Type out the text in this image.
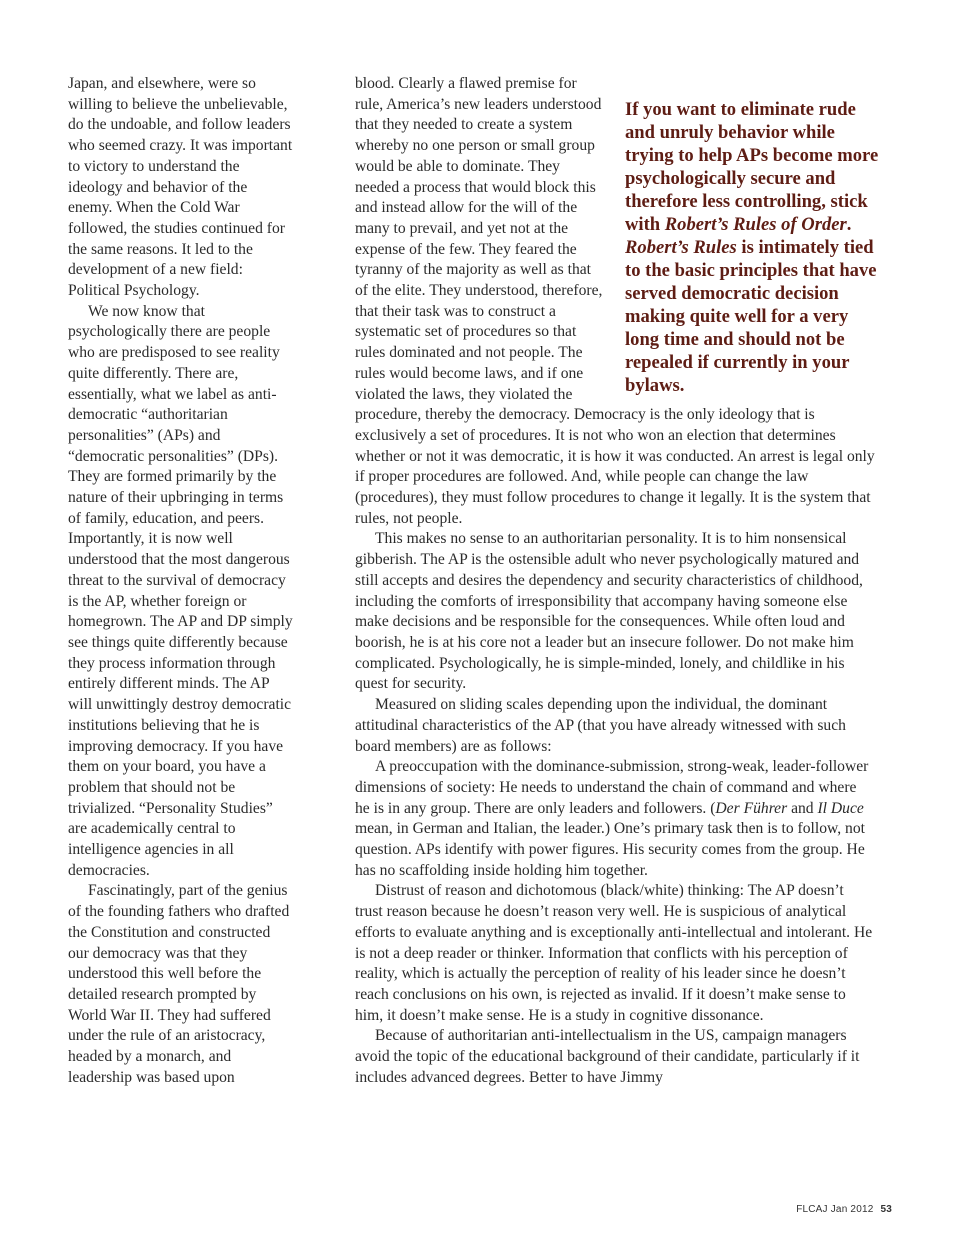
Japan, and elsewhere, were so willing to believe the unbelievable, do the undoable, and follow leaders who seemed crazy. It was important to victory to understand the ideology and behavior of the enemy. When the Cold War followed, the studies continued for the same reasons. It led to the development of a new field: Political Psychology.

We now know that psychologically there are people who are predisposed to see reality quite differently. There are, essentially, what we label as anti-democratic “authoritarian personalities” (APs) and “democratic personalities” (DPs). They are formed primarily by the nature of their upbringing in terms of family, education, and peers. Importantly, it is now well understood that the most dangerous threat to the survival of democracy is the AP, whether foreign or homegrown. The AP and DP simply see things quite differently because they process information through entirely different minds. The AP will unwittingly destroy democratic institutions believing that he is improving democracy. If you have them on your board, you have a problem that should not be trivialized. “Personality Studies” are academically central to intelligence agencies in all democracies.

Fascinatingly, part of the genius of the founding fathers who drafted the Constitution and constructed our democracy was that they understood this well before the detailed research prompted by World War II. They had suffered under the rule of an aristocracy, headed by a monarch, and leadership was based upon

If you want to eliminate rude and unruly behavior while trying to help APs become more psychologically secure and therefore less controlling, stick with Robert’s Rules of Order. Robert’s Rules is intimately tied to the basic principles that have served democratic decision making quite well for a very long time and should not be repealed if currently in your bylaws.

blood. Clearly a flawed premise for rule, America’s new leaders understood that they needed to create a system whereby no one person or small group would be able to dominate. They needed a process that would block this and instead allow for the will of the many to prevail, and yet not at the expense of the few. They feared the tyranny of the majority as well as that of the elite. They understood, therefore, that their task was to construct a systematic set of procedures so that rules dominated and not people. The rules would become laws, and if one violated the laws, they violated the procedure, thereby the democracy. Democracy is the only ideology that is exclusively a set of procedures. It is not who won an election that determines whether or not it was democratic, it is how it was conducted. An arrest is legal only if proper procedures are followed. And, while people can change the law (procedures), they must follow procedures to change it legally. It is the system that rules, not people.

This makes no sense to an authoritarian personality. It is to him nonsensical gibberish. The AP is the ostensible adult who never psychologically matured and still accepts and desires the dependency and security characteristics of childhood, including the comforts of irresponsibility that accompany having someone else make decisions and be responsible for the consequences. While often loud and boorish, he is at his core not a leader but an insecure follower. Do not make him complicated. Psychologically, he is simple-minded, lonely, and childlike in his quest for security.

Measured on sliding scales depending upon the individual, the dominant attitudinal characteristics of the AP (that you have already witnessed with such board members) are as follows:

A preoccupation with the dominance-submission, strong-weak, leader-follower dimensions of society: He needs to understand the chain of command and where he is in any group. There are only leaders and followers. (Der Führer and Il Duce mean, in German and Italian, the leader.) One’s primary task then is to follow, not question. APs identify with power figures. His security comes from the group. He has no scaffolding inside holding him together.

Distrust of reason and dichotomous (black/white) thinking: The AP doesn’t trust reason because he doesn’t reason very well. He is suspicious of analytical efforts to evaluate anything and is exceptionally anti-intellectual and intolerant. He is not a deep reader or thinker. Information that conflicts with his perception of reality, which is actually the perception of reality of his leader since he doesn’t reach conclusions on his own, is rejected as invalid. If it doesn’t make sense to him, it doesn’t make sense. He is a study in cognitive dissonance.

Because of authoritarian anti-intellectualism in the US, campaign managers avoid the topic of the educational background of their candidate, particularly if it includes advanced degrees. Better to have Jimmy

FLCAJ Jan 2012 53
